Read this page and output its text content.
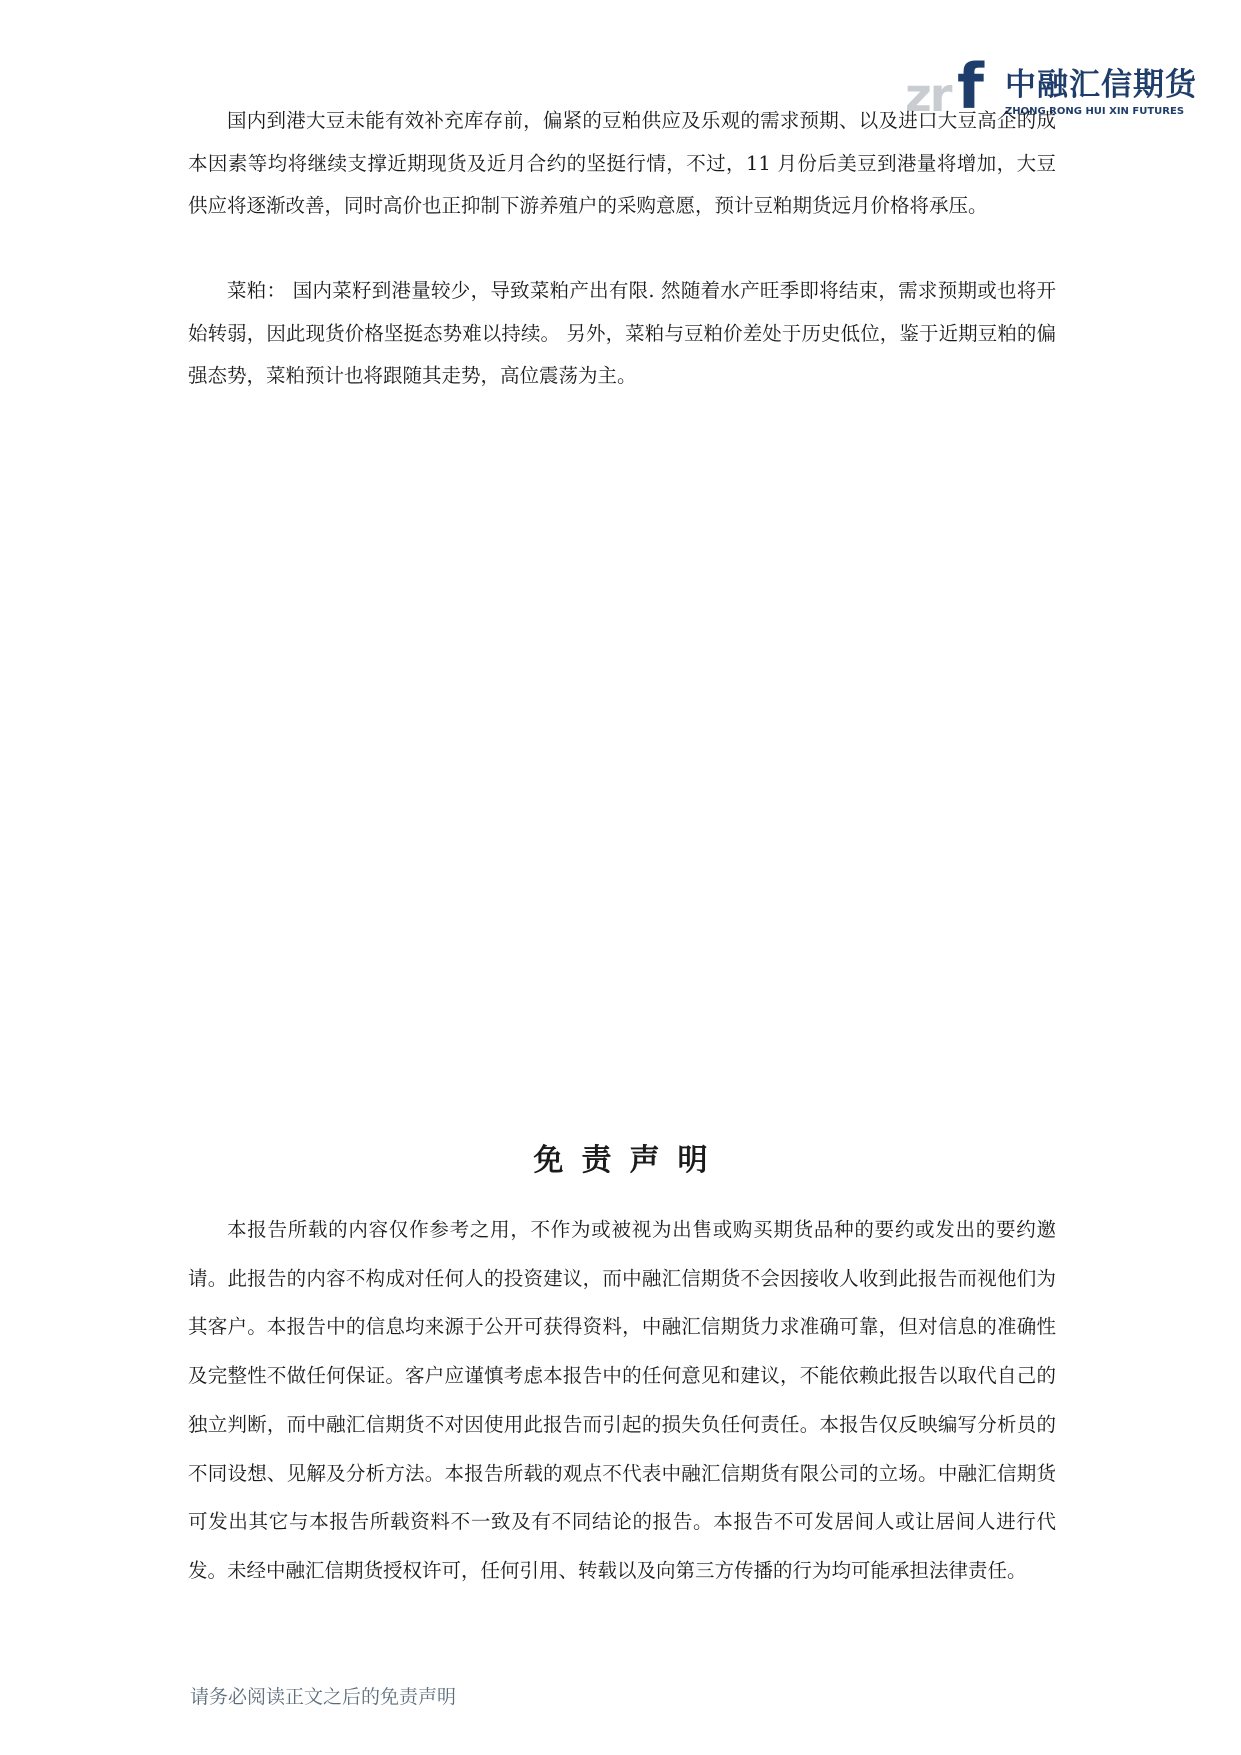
zr f 中融汇信期货
ZHONG RONG HUI XIN FUTURES

国内到港大豆未能有效补充库存前，偏紧的豆粕供应及乐观的需求预期、以及进口大豆高企的成本因素等均将继续支撑近期现货及近月合约的坚挺行情，不过，11 月份后美豆到港量将增加，大豆供应将逐渐改善，同时高价也正抑制下游养殖户的采购意愿，预计豆粕期货远月价格将承压。

菜粕： 国内菜籽到港量较少，导致菜粕产出有限. 然随着水产旺季即将结束，需求预期或也将开始转弱，因此现货价格坚挺态势难以持续。 另外，菜粕与豆粕价差处于历史低位，鉴于近期豆粕的偏强态势，菜粕预计也将跟随其走势，高位震荡为主。

免责声明

本报告所载的内容仅作参考之用，不作为或被视为出售或购买期货品种的要约或发出的要约邀请。此报告的内容不构成对任何人的投资建议，而中融汇信期货不会因接收人收到此报告而视他们为其客户。本报告中的信息均来源于公开可获得资料，中融汇信期货力求准确可靠，但对信息的准确性及完整性不做任何保证。客户应谨慎考虑本报告中的任何意见和建议，不能依赖此报告以取代自己的独立判断，而中融汇信期货不对因使用此报告而引起的损失负任何责任。本报告仅反映编写分析员的不同设想、见解及分析方法。本报告所载的观点不代表中融汇信期货有限公司的立场。中融汇信期货可发出其它与本报告所载资料不一致及有不同结论的报告。本报告不可发居间人或让居间人进行代发。未经中融汇信期货授权许可，任何引用、转载以及向第三方传播的行为均可能承担法律责任。

请务必阅读正文之后的免责声明
